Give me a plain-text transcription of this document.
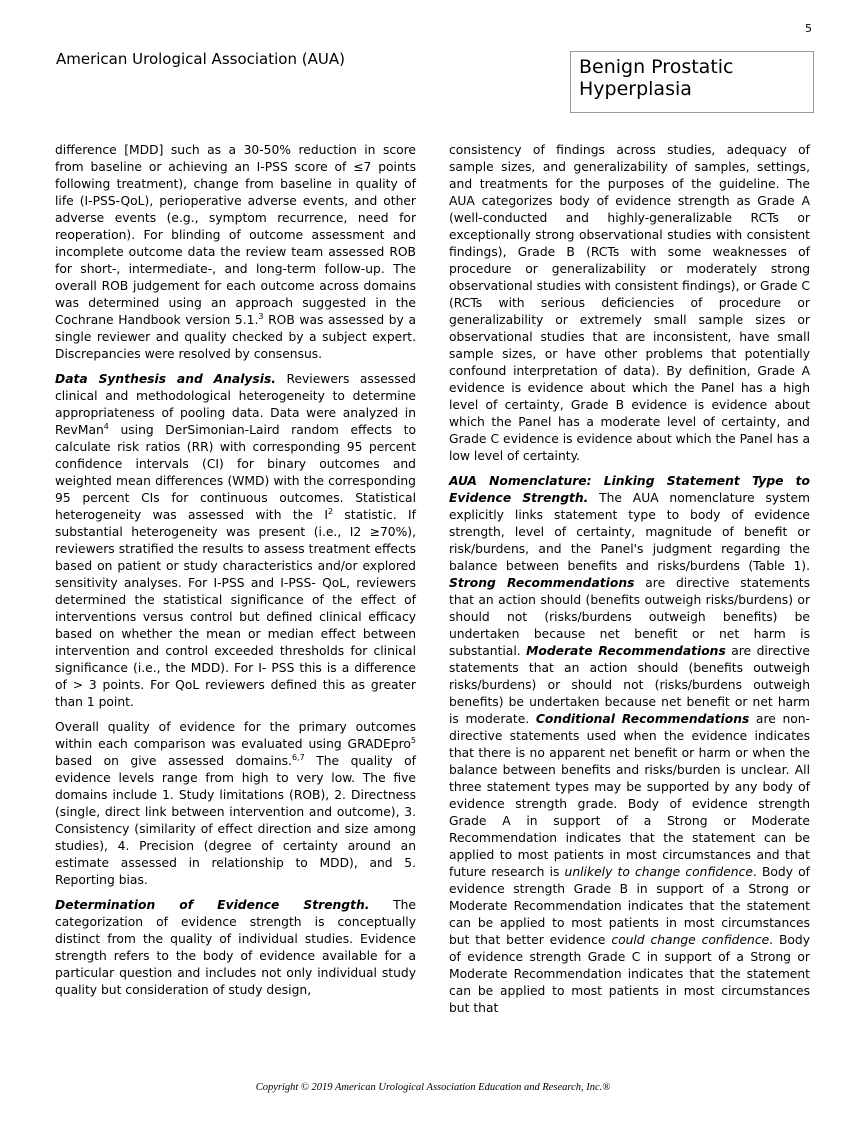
5
American Urological Association (AUA)	Benign Prostatic
Hyperplasia

difference [MDD] such as a 30-50% reduction in score from baseline or achieving an I-PSS score of ≤7 points following treatment), change from baseline in quality of life (I-PSS-QoL), perioperative adverse events, and other adverse events (e.g., symptom recurrence, need for reoperation). For blinding of outcome assessment and incomplete outcome data the review team assessed ROB for short-, intermediate-, and long-term follow-up. The overall ROB judgement for each outcome across domains was determined using an approach suggested in the Cochrane Handbook version 5.1.$^3$ ROB was assessed by a single reviewer and quality checked by a subject expert. Discrepancies were resolved by consensus.

Data Synthesis and Analysis. Reviewers assessed clinical and methodological heterogeneity to determine appropriateness of pooling data. Data were analyzed in RevMan$^4$ using DerSimonian-Laird random effects to calculate risk ratios (RR) with corresponding 95 percent confidence intervals (CI) for binary outcomes and weighted mean differences (WMD) with the corresponding 95 percent CIs for continuous outcomes. Statistical heterogeneity was assessed with the $I^2$ statistic. If substantial heterogeneity was present (i.e., I2 ≥70%), reviewers stratified the results to assess treatment effects based on patient or study characteristics and/or explored sensitivity analyses. For I-PSS and I-PSS- QoL, reviewers determined the statistical significance of the effect of interventions versus control but defined clinical efficacy based on whether the mean or median effect between intervention and control exceeded thresholds for clinical significance (i.e., the MDD). For I- PSS this is a difference of > 3 points. For QoL reviewers defined this as greater than 1 point.

Overall quality of evidence for the primary outcomes within each comparison was evaluated using GRADEpro$^5$ based on give assessed domains.$^{6,7}$ The quality of evidence levels range from high to very low. The five domains include 1. Study limitations (ROB), 2. Directness (single, direct link between intervention and outcome), 3. Consistency (similarity of effect direction and size among studies), 4. Precision (degree of certainty around an estimate assessed in relationship to MDD), and 5. Reporting bias.

Determination of Evidence Strength. The categorization of evidence strength is conceptually distinct from the quality of individual studies. Evidence strength refers to the body of evidence available for a particular question and includes not only individual study quality but consideration of study design,

consistency of findings across studies, adequacy of sample sizes, and generalizability of samples, settings, and treatments for the purposes of the guideline. The AUA categorizes body of evidence strength as Grade A (well-conducted and highly-generalizable RCTs or exceptionally strong observational studies with consistent findings), Grade B (RCTs with some weaknesses of procedure or generalizability or moderately strong observational studies with consistent findings), or Grade C (RCTs with serious deficiencies of procedure or generalizability or extremely small sample sizes or observational studies that are inconsistent, have small sample sizes, or have other problems that potentially confound interpretation of data). By definition, Grade A evidence is evidence about which the Panel has a high level of certainty, Grade B evidence is evidence about which the Panel has a moderate level of certainty, and Grade C evidence is evidence about which the Panel has a low level of certainty.

AUA Nomenclature: Linking Statement Type to Evidence Strength. The AUA nomenclature system explicitly links statement type to body of evidence strength, level of certainty, magnitude of benefit or risk/burdens, and the Panel's judgment regarding the balance between benefits and risks/burdens (Table 1). Strong Recommendations are directive statements that an action should (benefits outweigh risks/burdens) or should not (risks/burdens outweigh benefits) be undertaken because net benefit or net harm is substantial. Moderate Recommendations are directive statements that an action should (benefits outweigh risks/burdens) or should not (risks/burdens outweigh benefits) be undertaken because net benefit or net harm is moderate. Conditional Recommendations are non-directive statements used when the evidence indicates that there is no apparent net benefit or harm or when the balance between benefits and risks/burden is unclear. All three statement types may be supported by any body of evidence strength grade. Body of evidence strength Grade A in support of a Strong or Moderate Recommendation indicates that the statement can be applied to most patients in most circumstances and that future research is unlikely to change confidence. Body of evidence strength Grade B in support of a Strong or Moderate Recommendation indicates that the statement can be applied to most patients in most circumstances but that better evidence could change confidence. Body of evidence strength Grade C in support of a Strong or Moderate Recommendation indicates that the statement can be applied to most patients in most circumstances but that

Copyright © 2019 American Urological Association Education and Research, Inc.®
